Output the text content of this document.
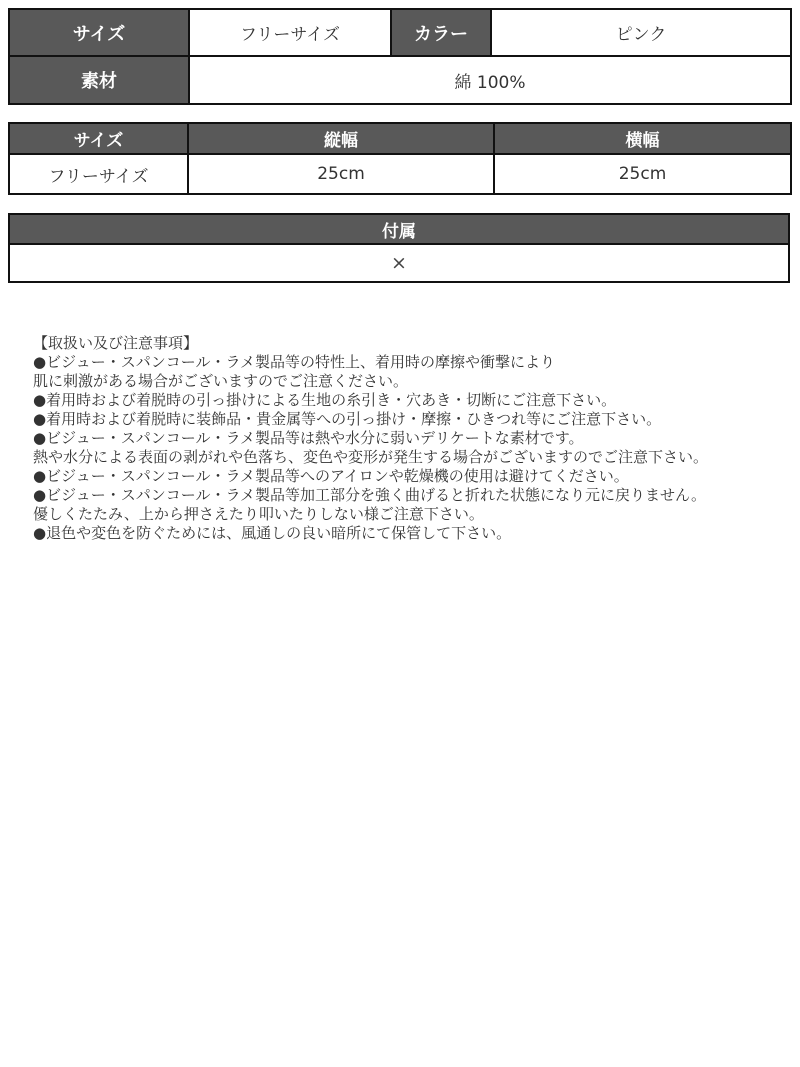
サイズ	フリーサイズ	カラー	ピンク
素材	綿 100%		
サイズ	縦幅	横幅
フリーサイズ	25cm	25cm
付属
×
【取扱い及び注意事項】
●ビジュー・スパンコール・ラメ製品等の特性上、着用時の摩擦や衝撃により
肌に刺激がある場合がございますのでご注意ください。
●着用時および着脱時の引っ掛けによる生地の糸引き・穴あき・切断にご注意下さい。
●着用時および着脱時に装飾品・貴金属等への引っ掛け・摩擦・ひきつれ等にご注意下さい。
●ビジュー・スパンコール・ラメ製品等は熱や水分に弱いデリケートな素材です。
熱や水分による表面の剥がれや色落ち、変色や変形が発生する場合がございますのでご注意下さい。
●ビジュー・スパンコール・ラメ製品等へのアイロンや乾燥機の使用は避けてください。
●ビジュー・スパンコール・ラメ製品等加工部分を強く曲げると折れた状態になり元に戻りません。
優しくたたみ、上から押さえたり叩いたりしない様ご注意下さい。
●退色や変色を防ぐためには、風通しの良い暗所にて保管して下さい。
